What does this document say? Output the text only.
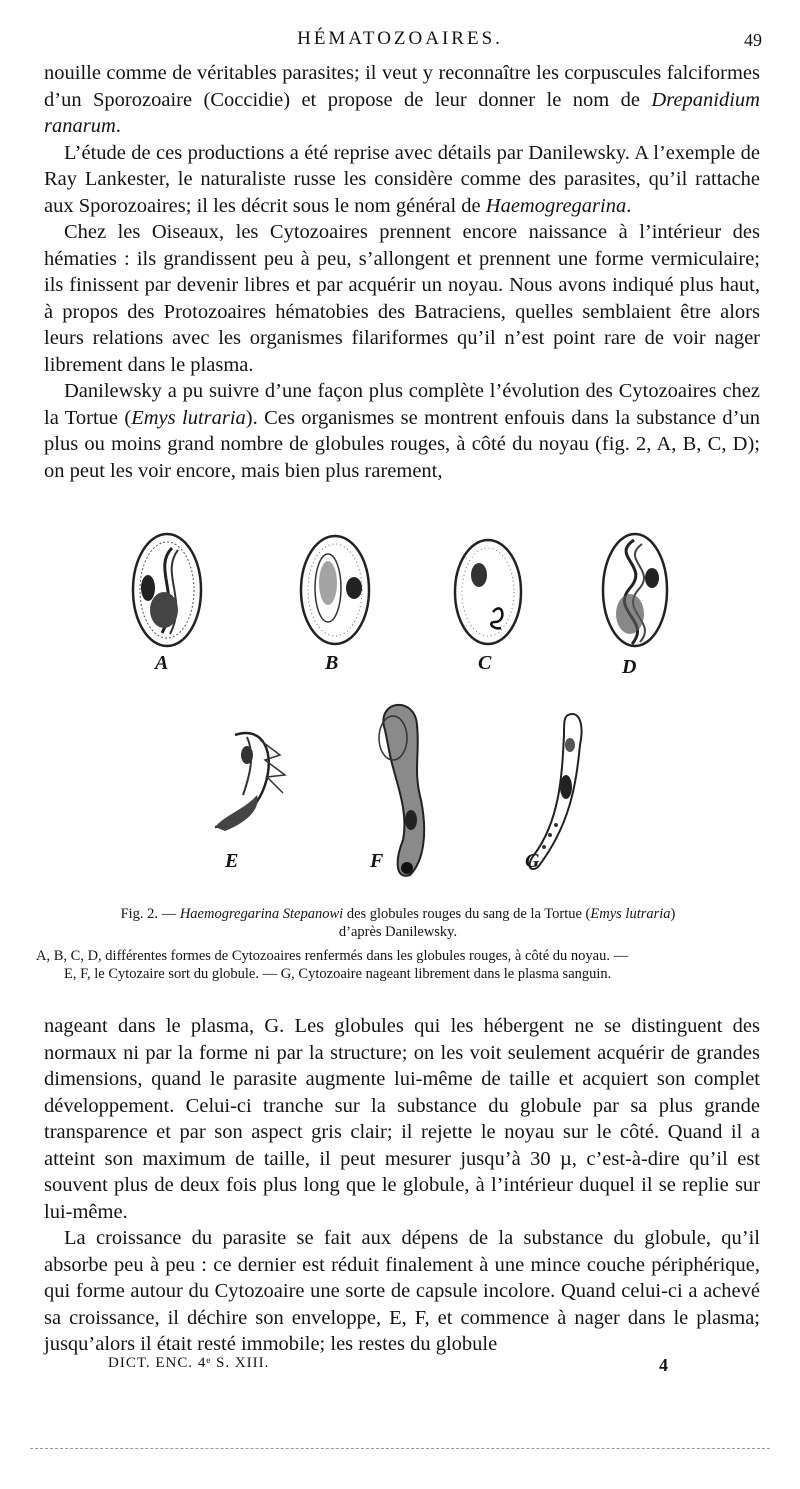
HÉMATOZOAIRES.	49

nouille comme de véritables parasites; il veut y reconnaître les corpuscules falciformes d’un Sporozoaire (Coccidie) et propose de leur donner le nom de Drepanidium ranarum.

L’étude de ces productions a été reprise avec détails par Danilewsky. A l’exemple de Ray Lankester, le naturaliste russe les considère comme des parasites, qu’il rattache aux Sporozoaires; il les décrit sous le nom général de Haemogregarina.

Chez les Oiseaux, les Cytozoaires prennent encore naissance à l’intérieur des hématies : ils grandissent peu à peu, s’allongent et prennent une forme vermiculaire; ils finissent par devenir libres et par acquérir un noyau. Nous avons indiqué plus haut, à propos des Protozoaires hématobies des Batraciens, quelles semblaient être alors leurs relations avec les organismes filariformes qu’il n’est point rare de voir nager librement dans le plasma.

Danilewsky a pu suivre d’une façon plus complète l’évolution des Cytozoaires chez la Tortue (Emys lutraria). Ces organismes se montrent enfouis dans la substance d’un plus ou moins grand nombre de globules rouges, à côté du noyau (fig. 2, A, B, C, D); on peut les voir encore, mais bien plus rarement,

A	B	C	D
E	F	G
Fig. 2. — Haemogregarina Stepanowi des globules rouges du sang de la Tortue (Emys lutraria)
d’après Danilewsky.
A, B, C, D, différentes formes de Cytozoaires renfermés dans les globules rouges, à côté du noyau. —
E, F, le Cytozaire sort du globule. — G, Cytozoaire nageant librement dans le plasma sanguin.

nageant dans le plasma, G. Les globules qui les hébergent ne se distinguent des normaux ni par la forme ni par la structure; on les voit seulement acquérir de grandes dimensions, quand le parasite augmente lui-même de taille et acquiert son complet développement. Celui-ci tranche sur la substance du globule par sa plus grande transparence et par son aspect gris clair; il rejette le noyau sur le côté. Quand il a atteint son maximum de taille, il peut mesurer jusqu’à 30 µ, c’est-à-dire qu’il est souvent plus de deux fois plus long que le globule, à l’intérieur duquel il se replie sur lui-même.

La croissance du parasite se fait aux dépens de la substance du globule, qu’il absorbe peu à peu : ce dernier est réduit finalement à une mince couche périphérique, qui forme autour du Cytozoaire une sorte de capsule incolore. Quand celui-ci a achevé sa croissance, il déchire son enveloppe, E, F, et commence à nager dans le plasma; jusqu’alors il était resté immobile; les restes du globule

DICT. ENC. 4ᵉ S. XIII.	4
